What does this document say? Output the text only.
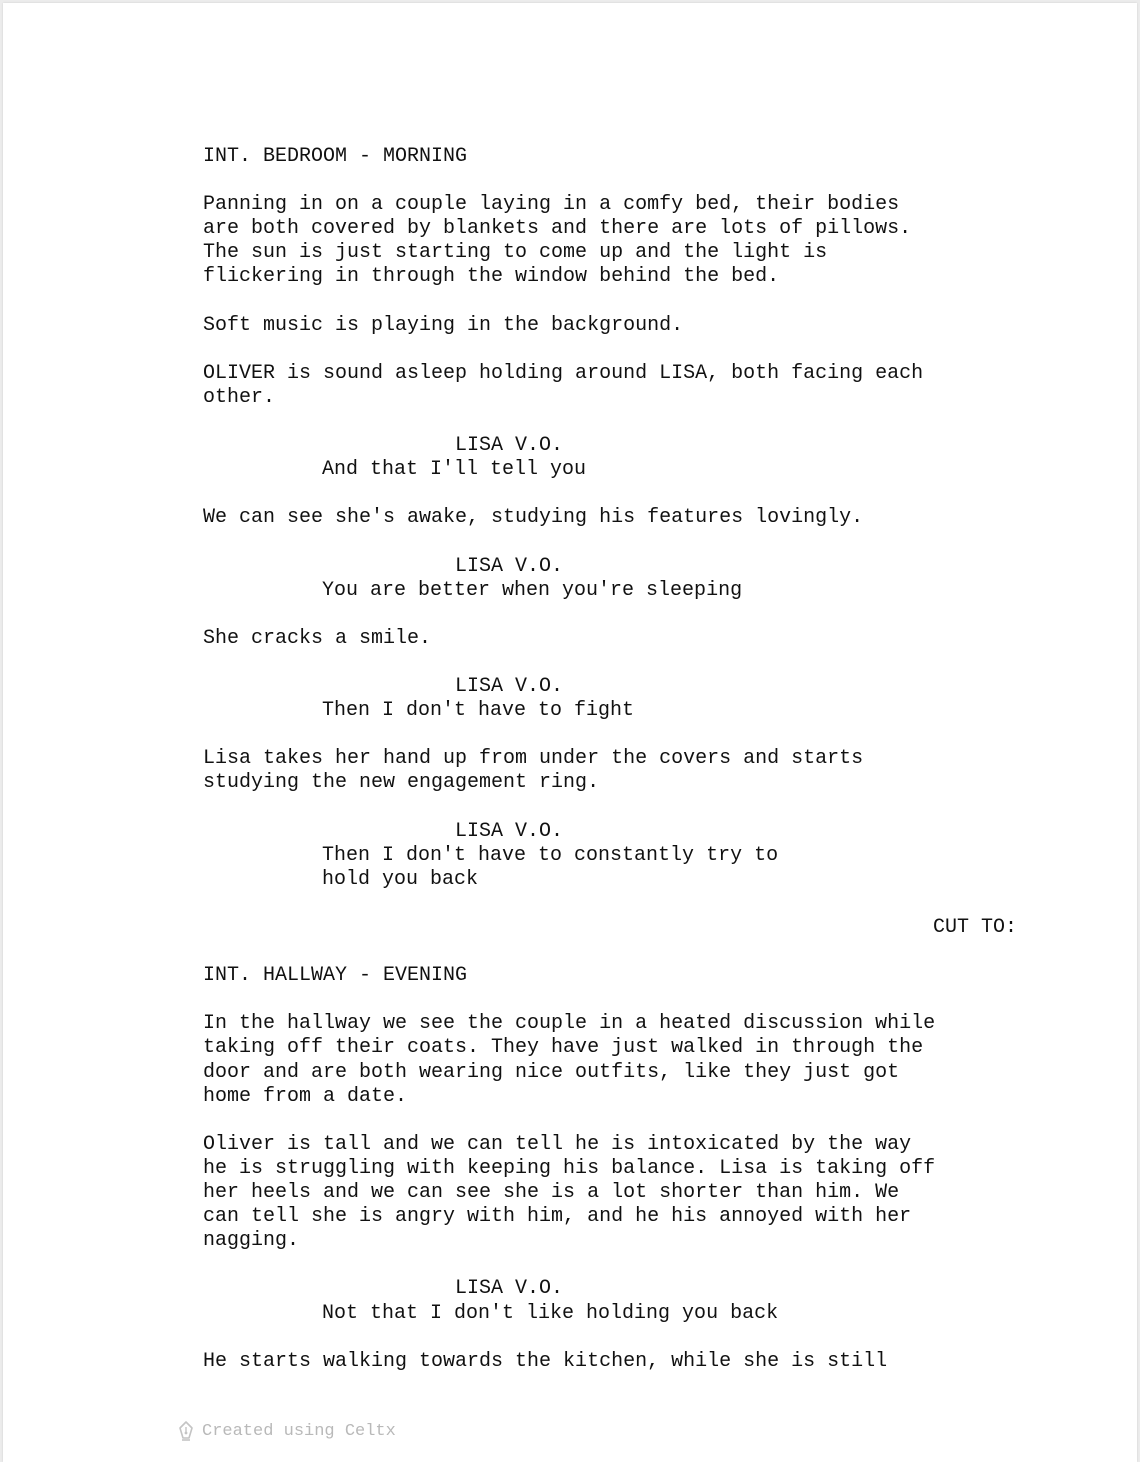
INT. BEDROOM - MORNING
Panning in on a couple laying in a comfy bed, their bodies
are both covered by blankets and there are lots of pillows.
The sun is just starting to come up and the light is
flickering in through the window behind the bed.
Soft music is playing in the background.
OLIVER is sound asleep holding around LISA, both facing each
other.
LISA V.O.
And that I'll tell you
We can see she's awake, studying his features lovingly.
LISA V.O.
You are better when you're sleeping
She cracks a smile.
LISA V.O.
Then I don't have to fight
Lisa takes her hand up from under the covers and starts
studying the new engagement ring.
LISA V.O.
Then I don't have to constantly try to
hold you back
CUT TO:
INT. HALLWAY - EVENING
In the hallway we see the couple in a heated discussion while
taking off their coats. They have just walked in through the
door and are both wearing nice outfits, like they just got
home from a date.
Oliver is tall and we can tell he is intoxicated by the way
he is struggling with keeping his balance. Lisa is taking off
her heels and we can see she is a lot shorter than him. We
can tell she is angry with him, and he his annoyed with her
nagging.
LISA V.O.
Not that I don't like holding you back
He starts walking towards the kitchen, while she is still
Created using Celtx
